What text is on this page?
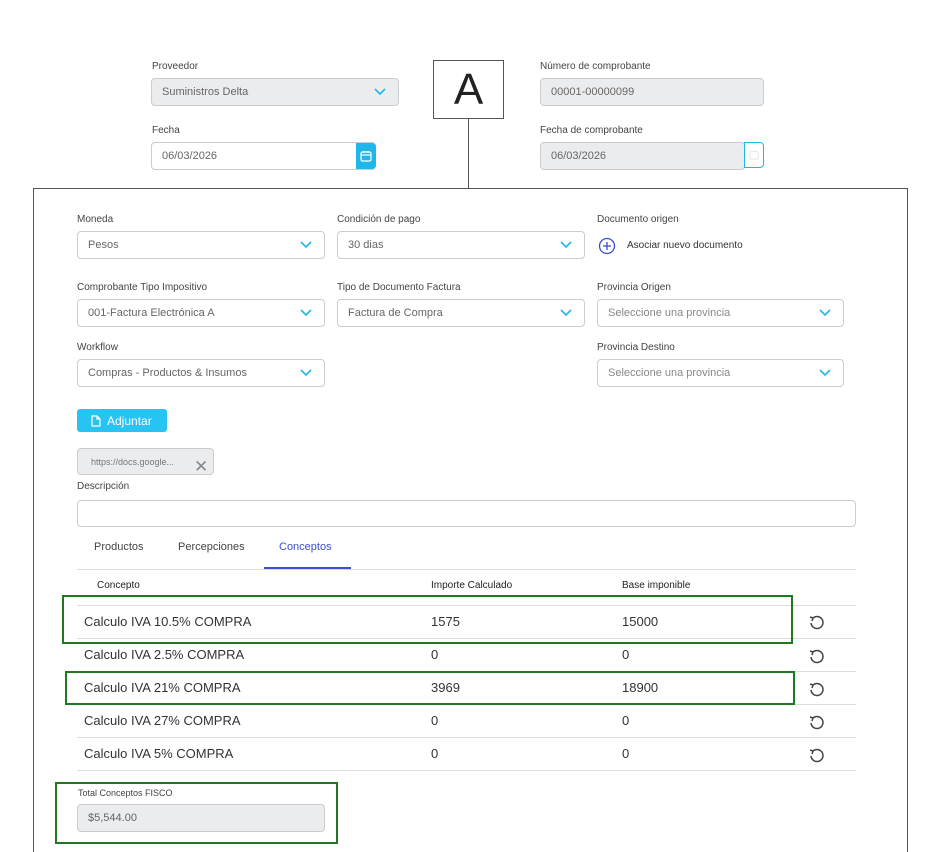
Proveedor
Suministros Delta
Número de comprobante
00001-00000099
Fecha
06/03/2026
Fecha de comprobante
06/03/2026
A
Moneda
Pesos
Condición de pago
30 dias
Documento origen
Asociar nuevo documento
Comprobante Tipo Impositivo
001-Factura Electrónica A
Tipo de Documento Factura
Factura de Compra
Provincia Origen
Seleccione una provincia
Workflow
Compras - Productos & Insumos
Provincia Destino
Seleccione una provincia
Adjuntar
https://docs.google... ✕
Descripción
Productos	Percepciones	Conceptos
Concepto	Importe Calculado	Base imponible
Calculo IVA 10.5% COMPRA	1575	15000
Calculo IVA 2.5% COMPRA	0	0
Calculo IVA 21% COMPRA	3969	18900
Calculo IVA 27% COMPRA	0	0
Calculo IVA 5% COMPRA	0	0
Total Conceptos FISCO
$5,544.00
